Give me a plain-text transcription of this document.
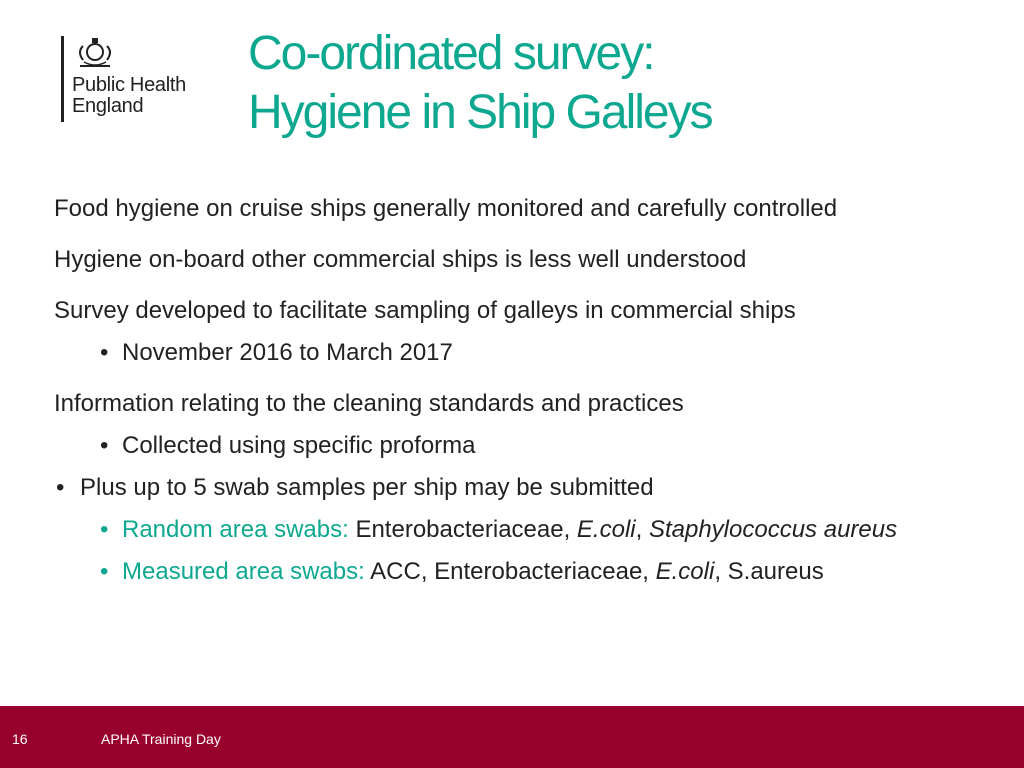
Public Health
England
Co-ordinated survey:
Hygiene in Ship Galleys
Food hygiene on cruise ships generally monitored and carefully controlled
Hygiene on-board other commercial ships is less well understood
Survey developed to facilitate sampling of galleys in commercial ships
• November 2016 to March 2017
Information relating to the cleaning standards and practices
• Collected using specific proforma
• Plus up to 5 swab samples per ship may be submitted
• Random area swabs: Enterobacteriaceae, E.coli, Staphylococcus aureus
• Measured area swabs: ACC, Enterobacteriaceae, E.coli, S.aureus
16	APHA Training Day
